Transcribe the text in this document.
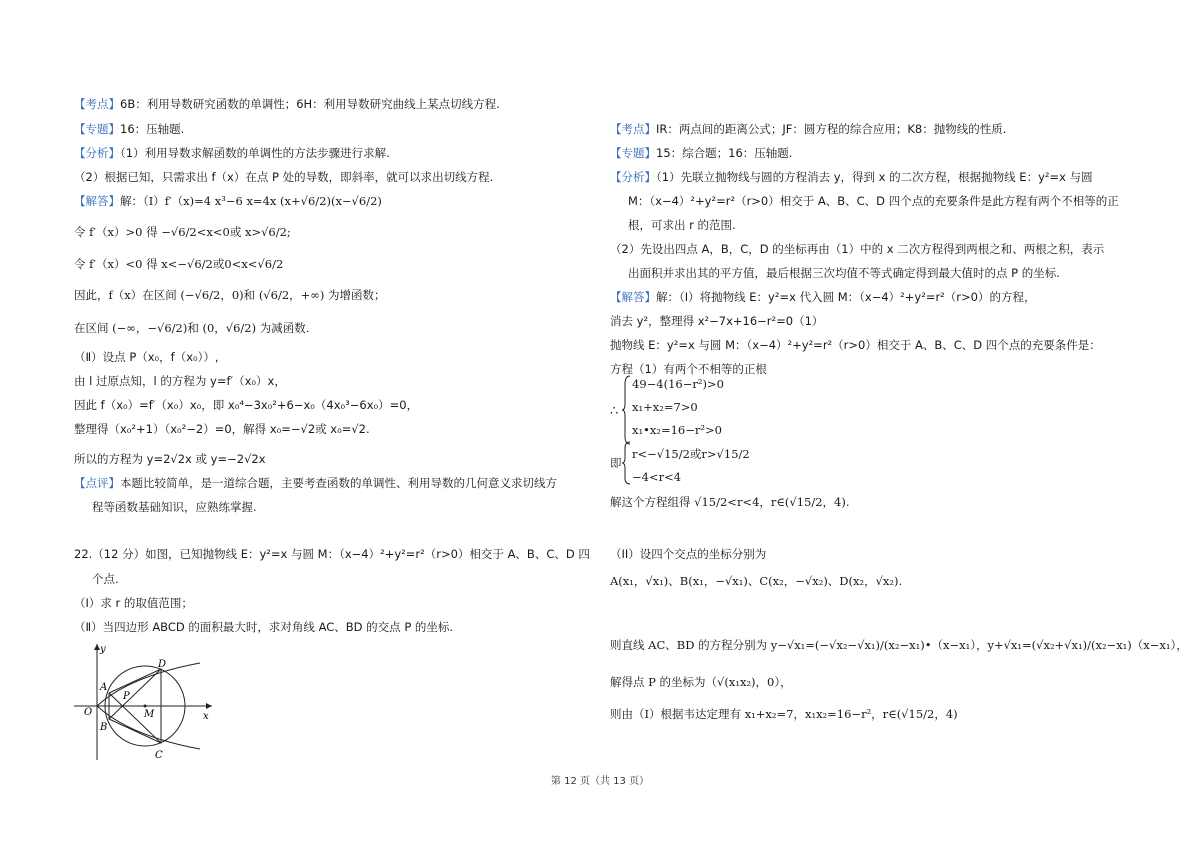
【考点】6B：利用导数研究函数的单调性；6H：利用导数研究曲线上某点切线方程.
【专题】16：压轴题.
【分析】（1）利用导数求解函数的单调性的方法步骤进行求解.
（2）根据已知，只需求出 f（x）在点 P 处的导数，即斜率，就可以求出切线方程.
【解答】解：（Ⅰ）f′（x)=4 x³−6 x=4x (x+√6/2)(x−√6/2)
令 f′（x）>0 得 −√6/2<x<0或 x>√6/2;
令 f′（x）<0 得 x<−√6/2或0<x<√6/2
因此，f（x）在区间 (−√6/2，0)和 (√6/2，+∞) 为增函数；
在区间 (−∞，−√6/2)和 (0，√6/2) 为减函数.
（Ⅱ）设点 P（x₀，f（x₀））,
由 l 过原点知，l 的方程为 y=f′（x₀）x，
因此 f（x₀）=f′（x₀）x₀，即 x₀⁴−3x₀²+6−x₀（4x₀³−6x₀）=0，
整理得（x₀²+1）（x₀²−2）=0，解得 x₀=−√2或 x₀=√2.
所以的方程为 y=2√2x 或 y=−2√2x
【点评】本题比较简单，是一道综合题，主要考查函数的单调性、利用导数的几何意义求切线方
程等函数基础知识，应熟练掌握.
22.（12 分）如图，已知抛物线 E：y²=x 与圆 M：（x−4）²+y²=r²（r>0）相交于 A、B、C、D 四
个点.
（Ⅰ）求 r 的取值范围；
（Ⅱ）当四边形 ABCD 的面积最大时，求对角线 AC、BD 的交点 P 的坐标.
y
D
A
P
O	M	x
B
C
【考点】IR：两点间的距离公式；JF：圆方程的综合应用；K8：抛物线的性质.
【专题】15：综合题；16：压轴题.
【分析】（1）先联立抛物线与圆的方程消去 y，得到 x 的二次方程，根据抛物线 E：y²=x 与圆
M：（x−4）²+y²=r²（r>0）相交于 A、B、C、D 四个点的充要条件是此方程有两个不相等的正
根，可求出 r 的范围.
（2）先设出四点 A，B，C，D 的坐标再由（1）中的 x 二次方程得到两根之和、两根之积，表示
出面积并求出其的平方值，最后根据三次均值不等式确定得到最大值时的点 P 的坐标.
【解答】解：（Ⅰ）将抛物线 E：y²=x 代入圆 M：（x−4）²+y²=r²（r>0）的方程，
消去 y²，整理得 x²−7x+16−r²=0（1）
抛物线 E：y²=x 与圆 M：（x−4）²+y²=r²（r>0）相交于 A、B、C、D 四个点的充要条件是：
方程（1）有两个不相等的正根
∴
49−4(16−r²)>0
x₁+x₂=7>0
x₁•x₂=16−r²>0
即
r<−√15/2或r>√15/2
−4<r<4
解这个方程组得 √15/2<r<4，r∈(√15/2，4).
（II）设四个交点的坐标分别为
A(x₁，√x₁)、B(x₁，−√x₁)、C(x₂，−√x₂)、D(x₂，√x₂).
则直线 AC、BD 的方程分别为 y−√x₁=(−√x₂−√x₁)/(x₂−x₁)•（x−x₁），y+√x₁=(√x₂+√x₁)/(x₂−x₁)（x−x₁），
解得点 P 的坐标为（√(x₁x₂)，0），
则由（I）根据韦达定理有 x₁+x₂=7，x₁x₂=16−r²，r∈(√15/2，4)
第 12 页（共 13 页）
